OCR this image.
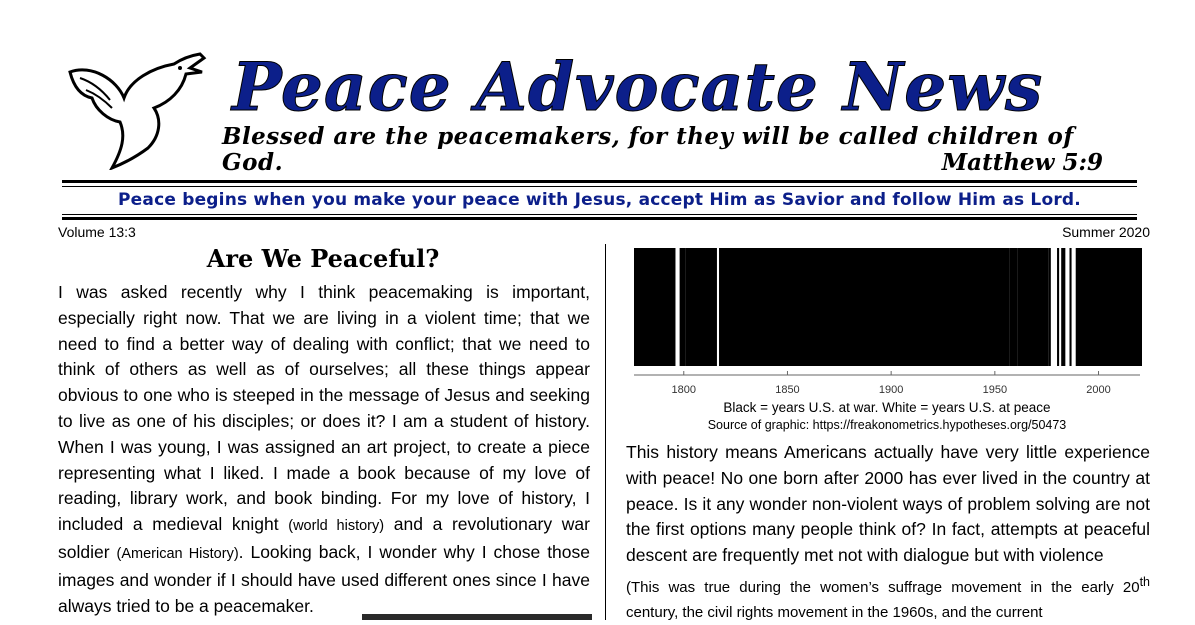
Peace Advocate News
Blessed are the peacemakers, for they will be called children of God.	Matthew 5:9
Peace begins when you make your peace with Jesus, accept Him as Savior and follow Him as Lord.
Volume 13:3	Summer 2020
Are We Peaceful?
I was asked recently why I think peacemaking is important, especially right now. That we are living in a violent time; that we need to find a better way of dealing with conflict; that we need to think of others as well as of ourselves; all these things appear obvious to one who is steeped in the message of Jesus and seeking to live as one of his disciples; or does it? I am a student of history. When I was young, I was assigned an art project, to create a piece representing what I liked. I made a book because of my love of reading, library work, and book binding. For my love of history, I included a medieval knight (world history) and a revolutionary war soldier (American History). Looking back, I wonder why I chose those images and wonder if I should have used different ones since I have always tried to be a peacemaker.
1800	1850	1900	1950	2000
Black = years U.S. at war. White = years U.S. at peace
Source of graphic: https://freakonometrics.hypotheses.org/50473
This history means Americans actually have very little experience with peace! No one born after 2000 has ever lived in the country at peace. Is it any wonder non-violent ways of problem solving are not the first options many people think of? In fact, attempts at peaceful descent are frequently met not with dialogue but with violence
(This was true during the women’s suffrage movement in the early 20th century, the civil rights movement in the 1960s, and the current
